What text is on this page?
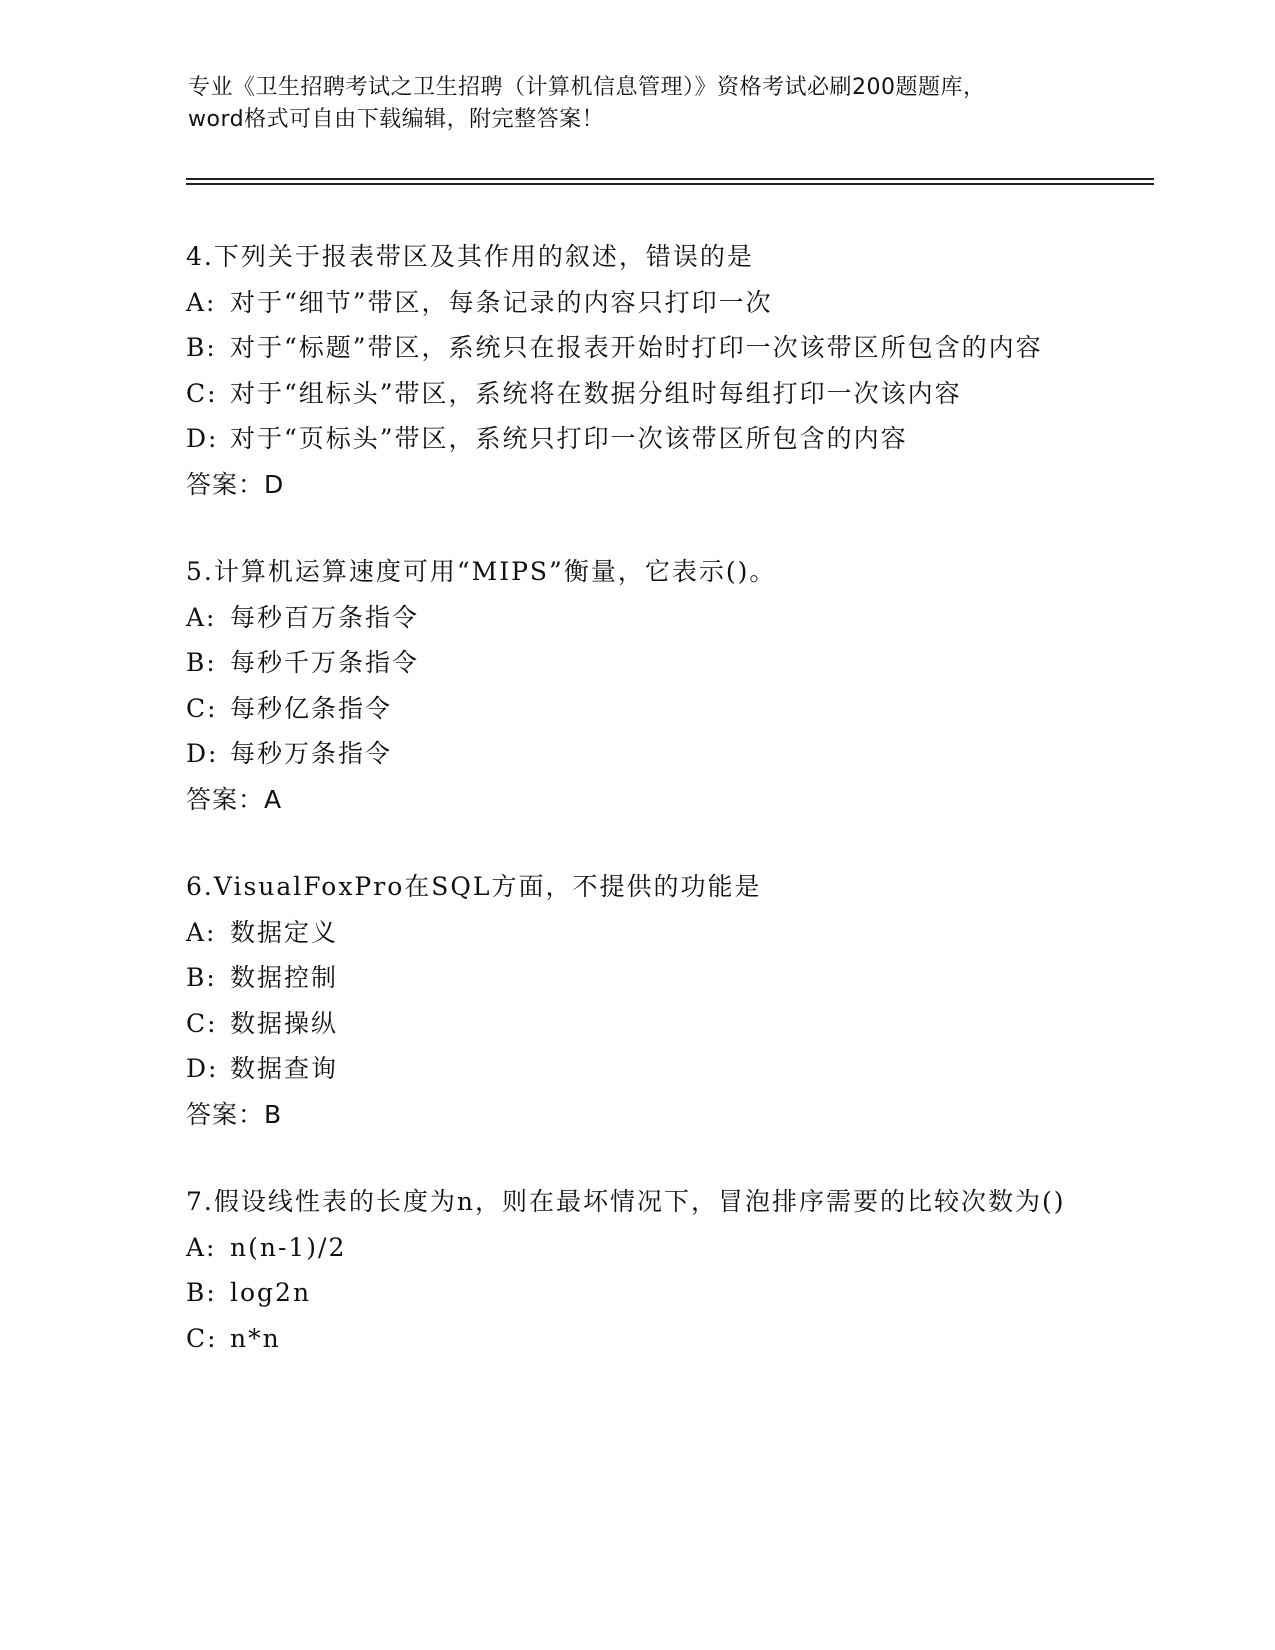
专业《卫生招聘考试之卫生招聘（计算机信息管理）》资格考试必刷200题题库，

word格式可自由下载编辑，附完整答案！

4.下列关于报表带区及其作用的叙述，错误的是

A: 对于“细节”带区，每条记录的内容只打印一次

B: 对于“标题”带区，系统只在报表开始时打印一次该带区所包含的内容

C: 对于“组标头”带区，系统将在数据分组时每组打印一次该内容

D: 对于“页标头”带区，系统只打印一次该带区所包含的内容

答案：D

5.计算机运算速度可用“MIPS”衡量，它表示()。

A: 每秒百万条指令

B: 每秒千万条指令

C: 每秒亿条指令

D: 每秒万条指令

答案：A

6.VisualFoxPro在SQL方面，不提供的功能是

A: 数据定义

B: 数据控制

C: 数据操纵

D: 数据查询

答案：B

7.假设线性表的长度为n，则在最坏情况下，冒泡排序需要的比较次数为()

A: n(n-1)/2

B: log2n

C: n*n
